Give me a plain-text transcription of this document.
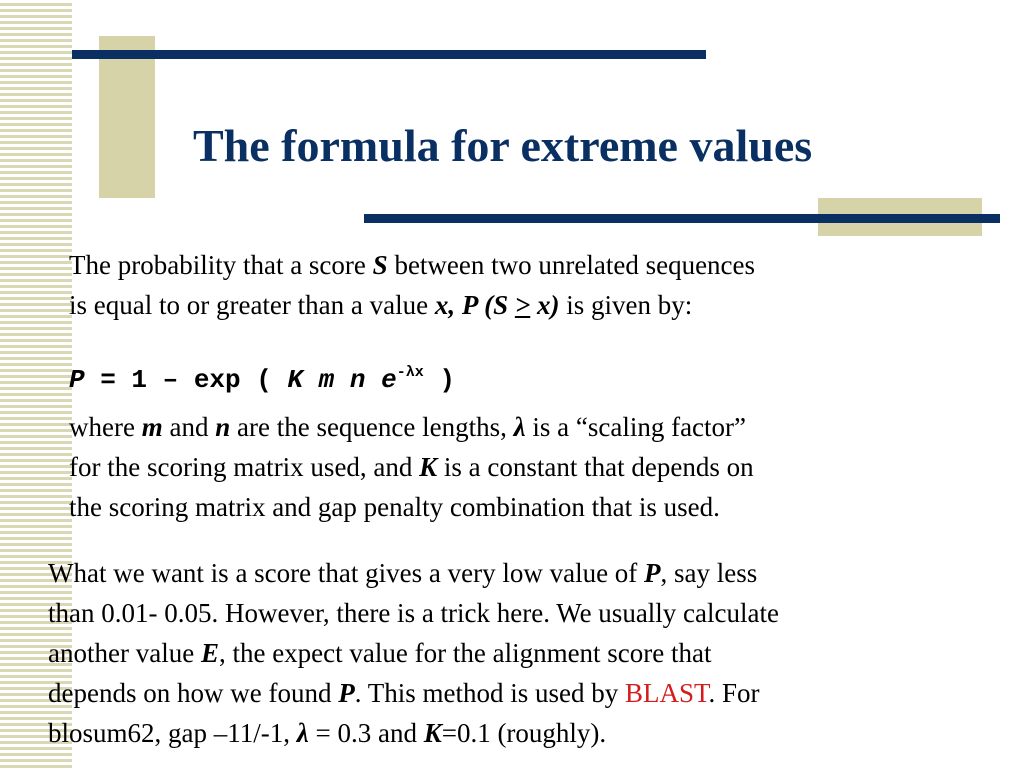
The formula for extreme values

The probability that a score S between two unrelated sequences
is equal to or greater than a value x, P (S ≥ x) is given by:

P = 1 – exp ( K m n $e^{-\lambda x}$ )

where m and n are the sequence lengths, λ is a “scaling factor”
for the scoring matrix used, and K is a constant that depends on
the scoring matrix and gap penalty combination that is used.

What we want is a score that gives a very low value of P, say less
than 0.01- 0.05. However, there is a trick here. We usually calculate
another value E, the expect value for the alignment score that
depends on how we found P. This method is used by BLAST. For
blosum62, gap –11/-1, λ = 0.3 and K=0.1 (roughly).
